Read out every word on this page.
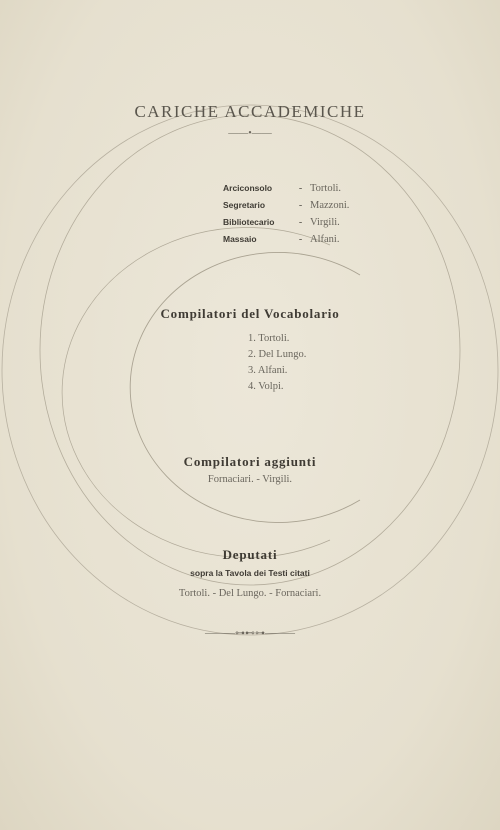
CARICHE ACCADEMICHE
——•——
Arciconsolo	- Tortoli.
Segretario	- Mazzoni.
Bibliotecario - Virgili.
Massaio	- Alfani.
Compilatori del Vocabolario
1. Tortoli.
2. Del Lungo.
3. Alfani.
4. Volpi.
Compilatori aggiunti
Fornaciari. - Virgili.
Deputati
sopra la Tavola dei Testi citati
Tortoli. - Del Lungo. - Fornaciari.
———⊶⊷⊶———
